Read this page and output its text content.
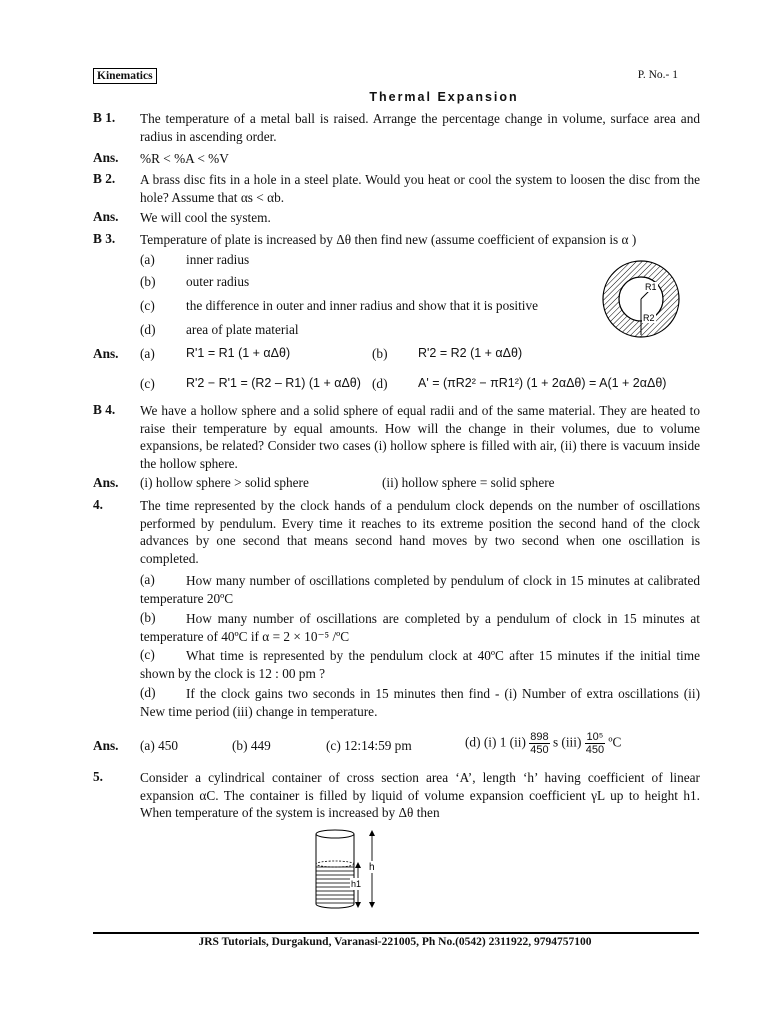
Kinematics	P. No.- 1
Thermal Expansion
B 1. The temperature of a metal ball is raised. Arrange the percentage change in volume, surface area and radius in ascending order.
Ans. %R < %A < %V
B 2. A brass disc fits in a hole in a steel plate. Would you heat or cool the system to loosen the disc from the hole? Assume that αs < αb.
Ans. We will cool the system.
B 3. Temperature of plate is increased by Δθ then find new (assume coefficient of expansion is α )
(a) inner radius
(b) outer radius
(c) the difference in outer and inner radius and show that it is positive
(d) area of plate material
R1
R2
Ans. (a) R'1 = R1 (1 + αΔθ)	(b) R'2 = R2 (1 + αΔθ)
(c) R'2 − R'1 = (R2 – R1) (1 + αΔθ) (d) A' = (πR2² − πR1²) (1 + 2αΔθ) = A(1 + 2αΔθ)
B 4. We have a hollow sphere and a solid sphere of equal radii and of the same material. They are heated to raise their temperature by equal amounts. How will the change in their volumes, due to volume expansions, be related? Consider two cases (i) hollow sphere is filled with air, (ii) there is vacuum inside the hollow sphere.
Ans. (i) hollow sphere > solid sphere	(ii) hollow sphere = solid sphere
4.	The time represented by the clock hands of a pendulum clock depends on the number of oscillations performed by pendulum. Every time it reaches to its extreme position the second hand of the clock advances by one second that means second hand moves by two second when one oscillation is completed.
(a)	How many number of oscillations completed by pendulum of clock in 15 minutes at calibrated temperature 20ºC
(b)	How many number of oscillations are completed by a pendulum of clock in 15 minutes at temperature of 40ºC if α = 2 × 10⁻⁵ /ºC
(c)	What time is represented by the pendulum clock at 40ºC after 15 minutes if the initial time shown by the clock is 12 : 00 pm ?
(d)	If the clock gains two seconds in 15 minutes then find - (i) Number of extra oscillations (ii) New time period (iii) change in temperature.
Ans. (a) 450	(b) 449	(c) 12:14:59 pm	(d) (i) 1 $(ii) \frac{898}{450}$ s $(iii) \frac{\text{10⁵}}{450}$ ºC
5.	Consider a cylindrical container of cross section area ‘A’, length ‘h’ having coefficient of linear expansion αC. The container is filled by liquid of volume expansion coefficient γL up to height h1. When temperature of the system is increased by Δθ then
h
h1
JRS Tutorials, Durgakund, Varanasi-221005, Ph No.(0542) 2311922, 9794757100
